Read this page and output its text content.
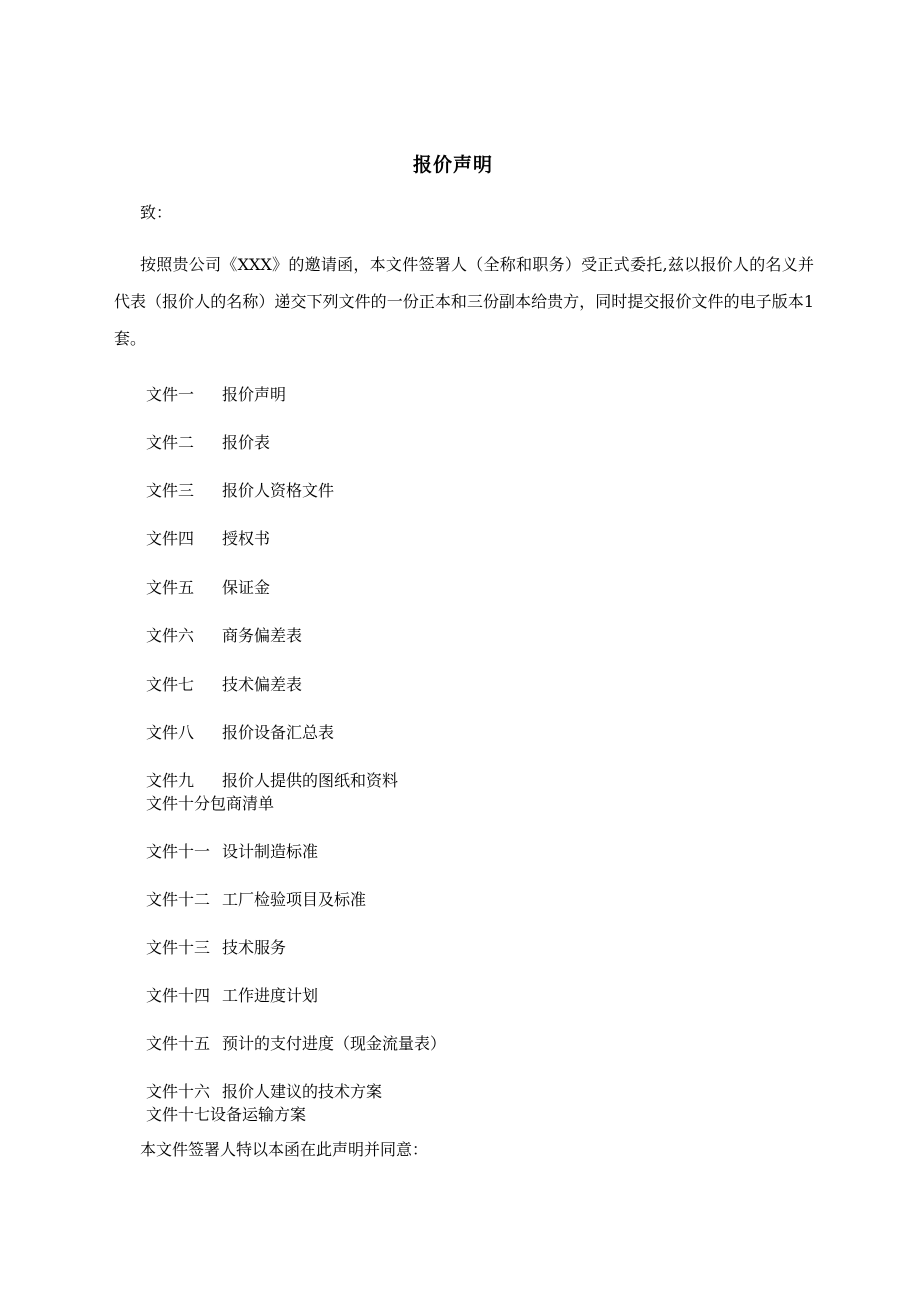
报价声明
致：
按照贵公司《XXX》的邀请函，本文件签署人（全称和职务）受正式委托,兹以报价人的名义并代表（报价人的名称）递交下列文件的一份正本和三份副本给贵方，同时提交报价文件的电子版本1套。
文件一 报价声明
文件二 报价表
文件三 报价人资格文件
文件四 授权书
文件五 保证金
文件六 商务偏差表
文件七 技术偏差表
文件八 报价设备汇总表
文件九 报价人提供的图纸和资料
文件十分包商清单
文件十一 设计制造标准
文件十二 工厂检验项目及标准
文件十三 技术服务
文件十四 工作进度计划
文件十五 预计的支付进度（现金流量表）
文件十六 报价人建议的技术方案
文件十七设备运输方案
本文件签署人特以本函在此声明并同意：
